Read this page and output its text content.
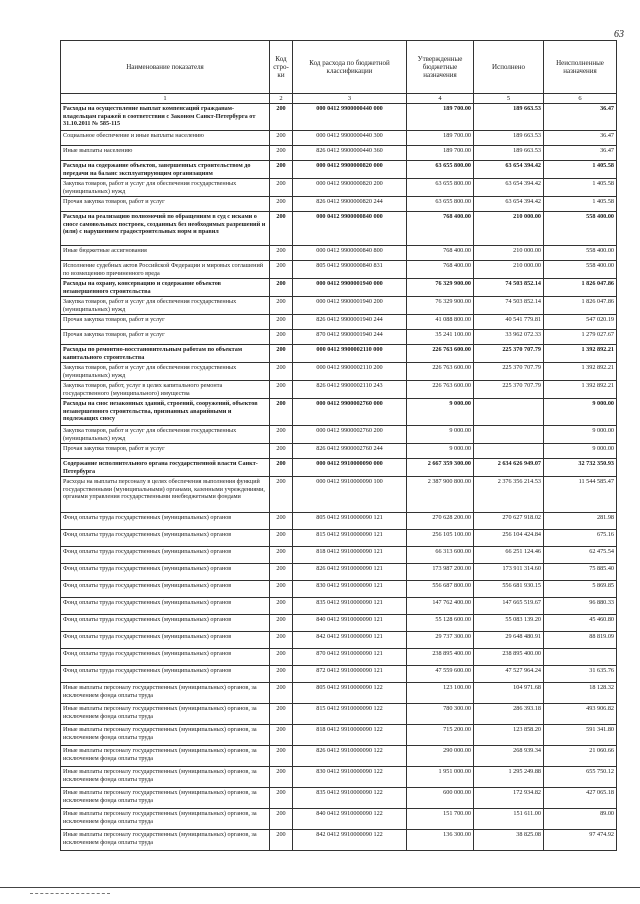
63
Наименование показателя	Код стро-ки	Код расхода по бюджетной классификации	Утвержденные бюджетные назначения	Исполнено	Неисполненные назначения
1	2	3	4	5	6
Расходы на осуществление выплат компенсаций гражданам-владельцам гаражей в соответствии с Законом Санкт-Петербурга от 31.10.2011 № 585-115	200	000 0412 9900000440 000	189 700.00	189 663.53	36.47
Социальное обеспечение и иные выплаты населению	200	000 0412 9900000440 300	189 700.00	189 663.53	36.47
Иные выплаты населению	200	826 0412 9900000440 360	189 700.00	189 663.53	36.47
Расходы на содержание объектов, завершенных строительством до передачи на баланс эксплуатирующим организациям	200	000 0412 9900000820 000	63 655 800.00	63 654 394.42	1 405.58
Закупка товаров, работ и услуг для обеспечения государственных (муниципальных) нужд	200	000 0412 9900000820 200	63 655 800.00	63 654 394.42	1 405.58
Прочая закупка товаров, работ и услуг	200	826 0412 9900000820 244	63 655 800.00	63 654 394.42	1 405.58
Расходы на реализацию полномочий по обращениям в суд с исками о сносе самовольных построек, созданных без необходимых разрешений и (или) с нарушением градостроительных норм и правил	200	000 0412 9900000840 000	768 400.00	210 000.00	558 400.00
Иные бюджетные ассигнования	200	000 0412 9900000840 800	768 400.00	210 000.00	558 400.00
Исполнение судебных актов Российской Федерации и мировых соглашений по возмещению причиненного вреда	200	805 0412 9900000840 831	768 400.00	210 000.00	558 400.00
Расходы на охрану, консервацию и содержание объектов незавершенного строительства	200	000 0412 9900001940 000	76 329 900.00	74 503 852.14	1 826 047.86
Закупка товаров, работ и услуг для обеспечения государственных (муниципальных) нужд	200	000 0412 9900001940 200	76 329 900.00	74 503 852.14	1 826 047.86
Прочая закупка товаров, работ и услуг	200	826 0412 9900001940 244	41 088 800.00	40 541 779.81	547 020.19
Прочая закупка товаров, работ и услуг	200	870 0412 9900001940 244	35 241 100.00	33 962 072.33	1 279 027.67
Расходы по ремонтно-восстановительным работам по объектам капитального строительства	200	000 0412 9900002110 000	226 763 600.00	225 370 707.79	1 392 892.21
Закупка товаров, работ и услуг для обеспечения государственных (муниципальных) нужд	200	000 0412 9900002110 200	226 763 600.00	225 370 707.79	1 392 892.21
Закупка товаров, работ, услуг в целях капитального ремонта государственного (муниципального) имущества	200	826 0412 9900002110 243	226 763 600.00	225 370 707.79	1 392 892.21
Расходы на снос незаконных зданий, строений, сооружений, объектов незавершенного строительства, признанных аварийными и подлежащих сносу	200	000 0412 9900002760 000	9 000.00		9 000.00
Закупка товаров, работ и услуг для обеспечения государственных (муниципальных) нужд	200	000 0412 9900002760 200	9 000.00		9 000.00
Прочая закупка товаров, работ и услуг	200	826 0412 9900002760 244	9 000.00		9 000.00
Содержание исполнительного органа государственной власти Санкт-Петербурга	200	000 0412 9910000090 000	2 667 359 300.00	2 634 626 949.07	32 732 350.93
Расходы на выплаты персоналу в целях обеспечения выполнения функций государственными (муниципальными) органами, казенными учреждениями, органами управления государственными внебюджетными фондами	200	000 0412 9910000090 100	2 387 900 800.00	2 376 356 214.53	11 544 585.47
Фонд оплаты труда государственных (муниципальных) органов	200	805 0412 9910000090 121	270 628 200.00	270 627 918.02	281.98
Фонд оплаты труда государственных (муниципальных) органов	200	815 0412 9910000090 121	256 105 100.00	256 104 424.84	675.16
Фонд оплаты труда государственных (муниципальных) органов	200	818 0412 9910000090 121	66 313 600.00	66 251 124.46	62 475.54
Фонд оплаты труда государственных (муниципальных) органов	200	826 0412 9910000090 121	173 987 200.00	173 911 314.60	75 885.40
Фонд оплаты труда государственных (муниципальных) органов	200	830 0412 9910000090 121	556 687 800.00	556 681 930.15	5 869.85
Фонд оплаты труда государственных (муниципальных) органов	200	835 0412 9910000090 121	147 762 400.00	147 665 519.67	96 880.33
Фонд оплаты труда государственных (муниципальных) органов	200	840 0412 9910000090 121	55 128 600.00	55 083 139.20	45 460.80
Фонд оплаты труда государственных (муниципальных) органов	200	842 0412 9910000090 121	29 737 300.00	29 648 480.91	88 819.09
Фонд оплаты труда государственных (муниципальных) органов	200	870 0412 9910000090 121	238 895 400.00	238 895 400.00	
Фонд оплаты труда государственных (муниципальных) органов	200	872 0412 9910000090 121	47 559 600.00	47 527 964.24	31 635.76
Иные выплаты персоналу государственных (муниципальных) органов, за исключением фонда оплаты труда	200	805 0412 9910000090 122	123 100.00	104 971.68	18 128.32
Иные выплаты персоналу государственных (муниципальных) органов, за исключением фонда оплаты труда	200	815 0412 9910000090 122	780 300.00	286 393.18	493 906.82
Иные выплаты персоналу государственных (муниципальных) органов, за исключением фонда оплаты труда	200	818 0412 9910000090 122	715 200.00	123 858.20	591 341.80
Иные выплаты персоналу государственных (муниципальных) органов, за исключением фонда оплаты труда	200	826 0412 9910000090 122	290 000.00	268 939.34	21 060.66
Иные выплаты персоналу государственных (муниципальных) органов, за исключением фонда оплаты труда	200	830 0412 9910000090 122	1 951 000.00	1 295 249.88	655 750.12
Иные выплаты персоналу государственных (муниципальных) органов, за исключением фонда оплаты труда	200	835 0412 9910000090 122	600 000.00	172 934.82	427 065.18
Иные выплаты персоналу государственных (муниципальных) органов, за исключением фонда оплаты труда	200	840 0412 9910000090 122	151 700.00	151 611.00	89.00
Иные выплаты персоналу государственных (муниципальных) органов, за исключением фонда оплаты труда	200	842 0412 9910000090 122	136 300.00	38 825.08	97 474.92
